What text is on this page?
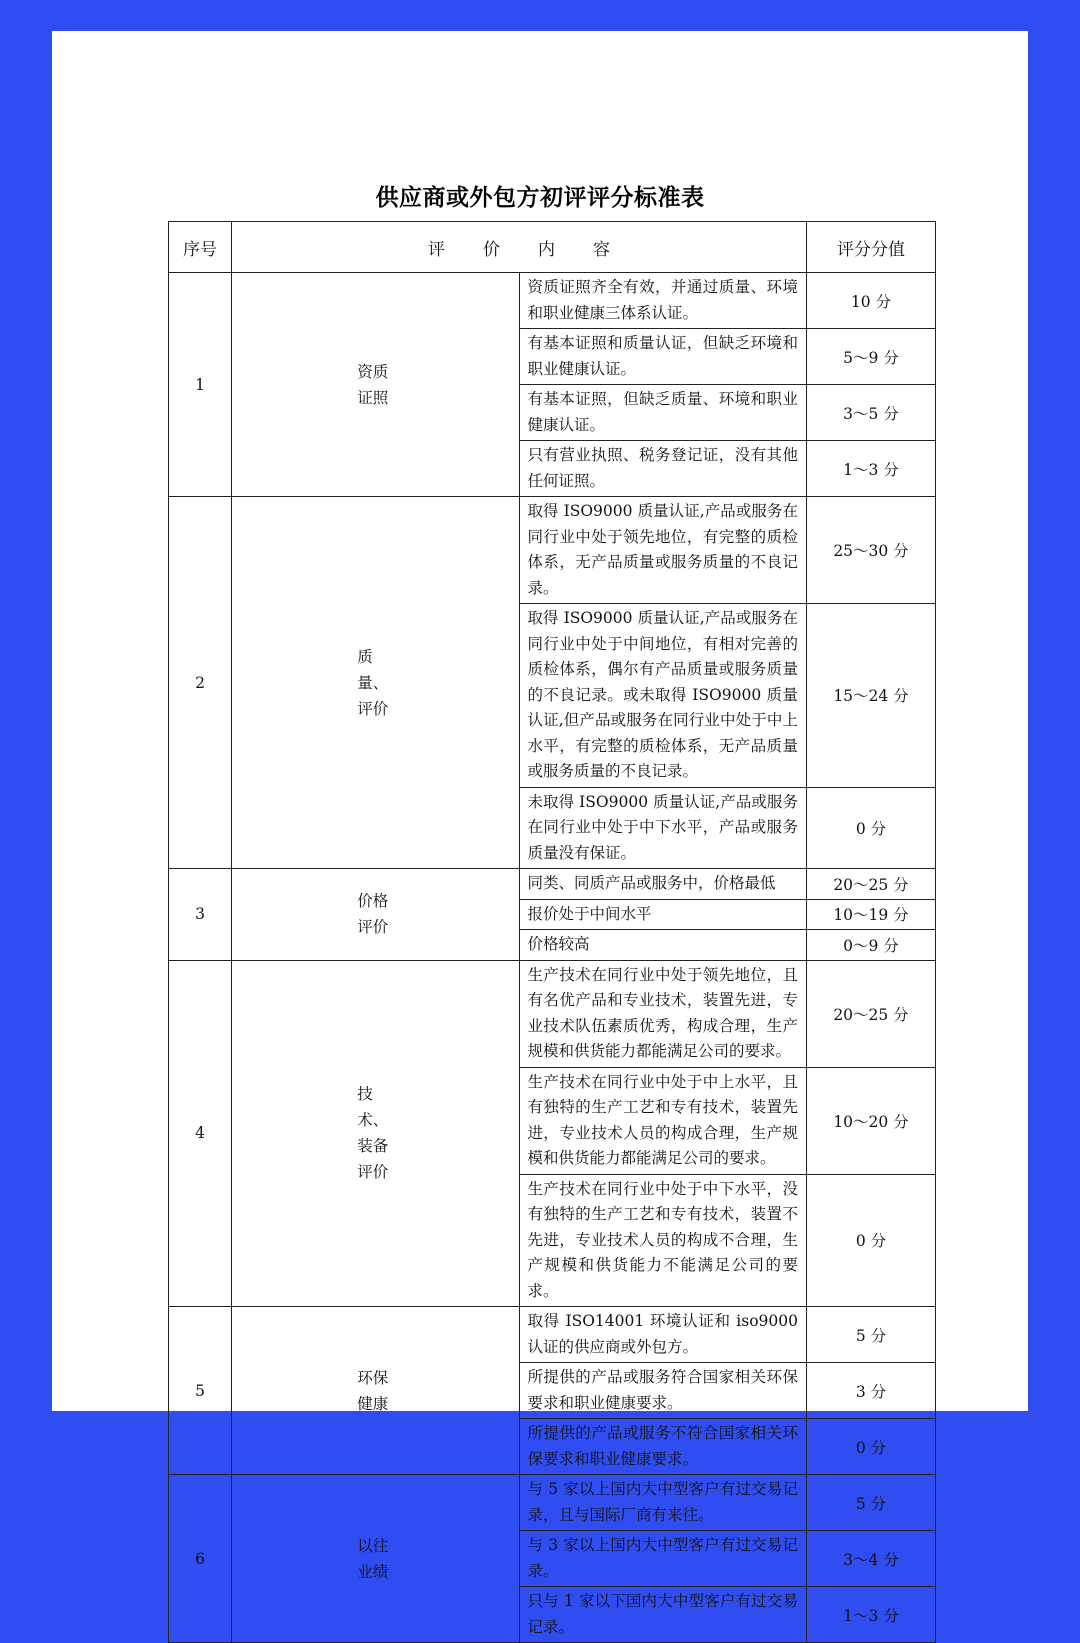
供应商或外包方初评评分标准表
序号	评价内容		评分分值
1	资质证照	资质证照齐全有效，并通过质量、环境和职业健康三体系认证。	10 分
		有基本证照和质量认证，但缺乏环境和职业健康认证。	5～9 分
		有基本证照，但缺乏质量、环境和职业健康认证。	3～5 分
		只有营业执照、税务登记证，没有其他任何证照。	1～3 分
2	质量、评价	取得 ISO9000 质量认证,产品或服务在同行业中处于领先地位，有完整的质检体系，无产品质量或服务质量的不良记录。	25～30 分
		取得 ISO9000 质量认证,产品或服务在同行业中处于中间地位，有相对完善的质检体系，偶尔有产品质量或服务质量的不良记录。或未取得 ISO9000 质量认证,但产品或服务在同行业中处于中上水平，有完整的质检体系，无产品质量或服务质量的不良记录。	15～24 分
		未取得 ISO9000 质量认证,产品或服务在同行业中处于中下水平，产品或服务质量没有保证。	0 分
3	价格评价	同类、同质产品或服务中，价格最低	20～25 分
		报价处于中间水平	10～19 分
		价格较高	0～9 分
4	技术、装备评价	生产技术在同行业中处于领先地位，且有名优产品和专业技术，装置先进，专业技术队伍素质优秀，构成合理，生产规模和供货能力都能满足公司的要求。	20～25 分
		生产技术在同行业中处于中上水平，且有独特的生产工艺和专有技术，装置先进，专业技术人员的构成合理，生产规模和供货能力都能满足公司的要求。	10～20 分
		生产技术在同行业中处于中下水平，没有独特的生产工艺和专有技术，装置不先进，专业技术人员的构成不合理，生产规模和供货能力不能满足公司的要求。	0 分
5	环保健康	取得 ISO14001 环境认证和 iso9000 认证的供应商或外包方。	5 分
		所提供的产品或服务符合国家相关环保要求和职业健康要求。	3 分
		所提供的产品或服务不符合国家相关环保要求和职业健康要求。	0 分
6	以往业绩	与 5 家以上国内大中型客户有过交易记录，且与国际厂商有来往。	5 分
		与 3 家以上国内大中型客户有过交易记录。	3～4 分
		只与 1 家以下国内大中型客户有过交易记录。	1～3 分
